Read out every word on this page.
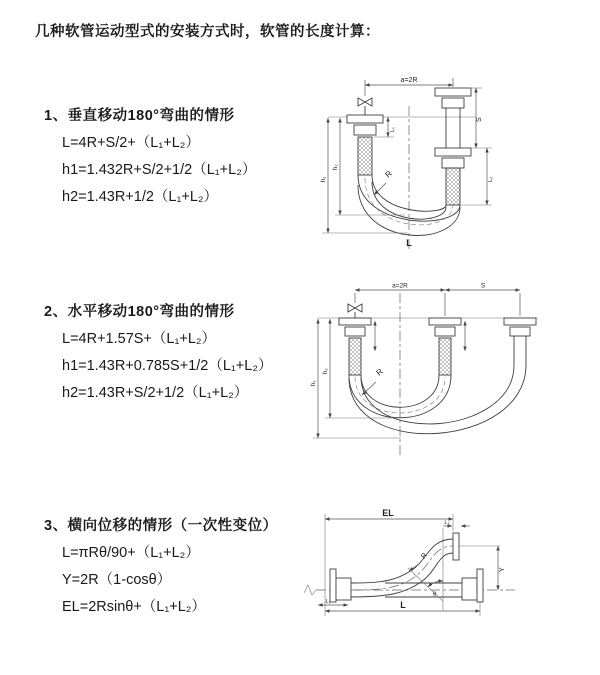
几种软管运动型式的安装方式时，软管的长度计算：
1、垂直移动180°弯曲的情形
L=4R+S/2+（L₁+L₂）
h1=1.432R+S/2+1/2（L₁+L₂）
h2=1.43R+1/2（L₁+L₂）
2、水平移动180°弯曲的情形
L=4R+1.57S+（L₁+L₂）
h1=1.43R+0.785S+1/2（L₁+L₂）
h2=1.43R+S/2+1/2（L₁+L₂）
3、横向位移的情形（一次性变位）
L=πRθ/90+（L₁+L₂）
Y=2R（1-cosθ）
EL=2Rsinθ+（L₁+L₂）
a=2R
h₁
h₂
L₁
S
L₂
R
L
a=2R	S
h₁
h₂	R
EL
L₂
Y
L
L₁
R
θ
